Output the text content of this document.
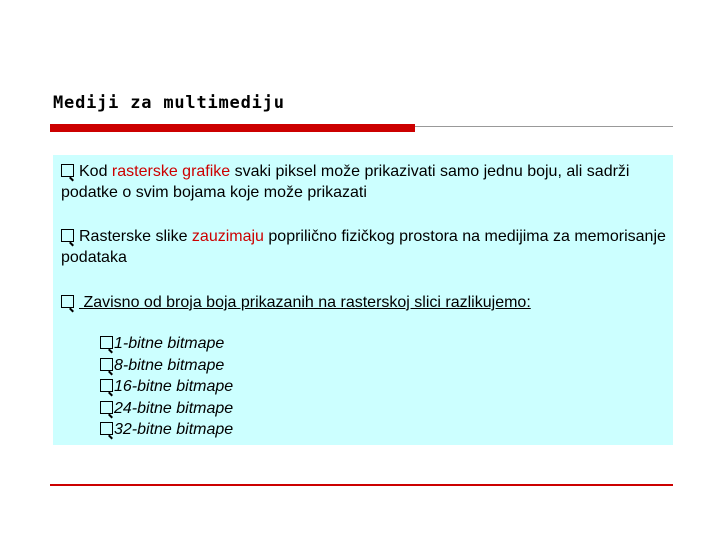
Mediji za multimediju

Kod rasterske grafike svaki piksel može prikazivati samo jednu boju, ali sadrži podatke o svim bojama koje može prikazati

Rasterske slike zauzimaju popriličnο fizičkog prostora na medijima za memorisanje podataka

Zavisno od broja boja prikazanih na rasterskoj slici razlikujemo:

1-bitne bitmape
8-bitne bitmape
16-bitne bitmape
24-bitne bitmape
32-bitne bitmape
